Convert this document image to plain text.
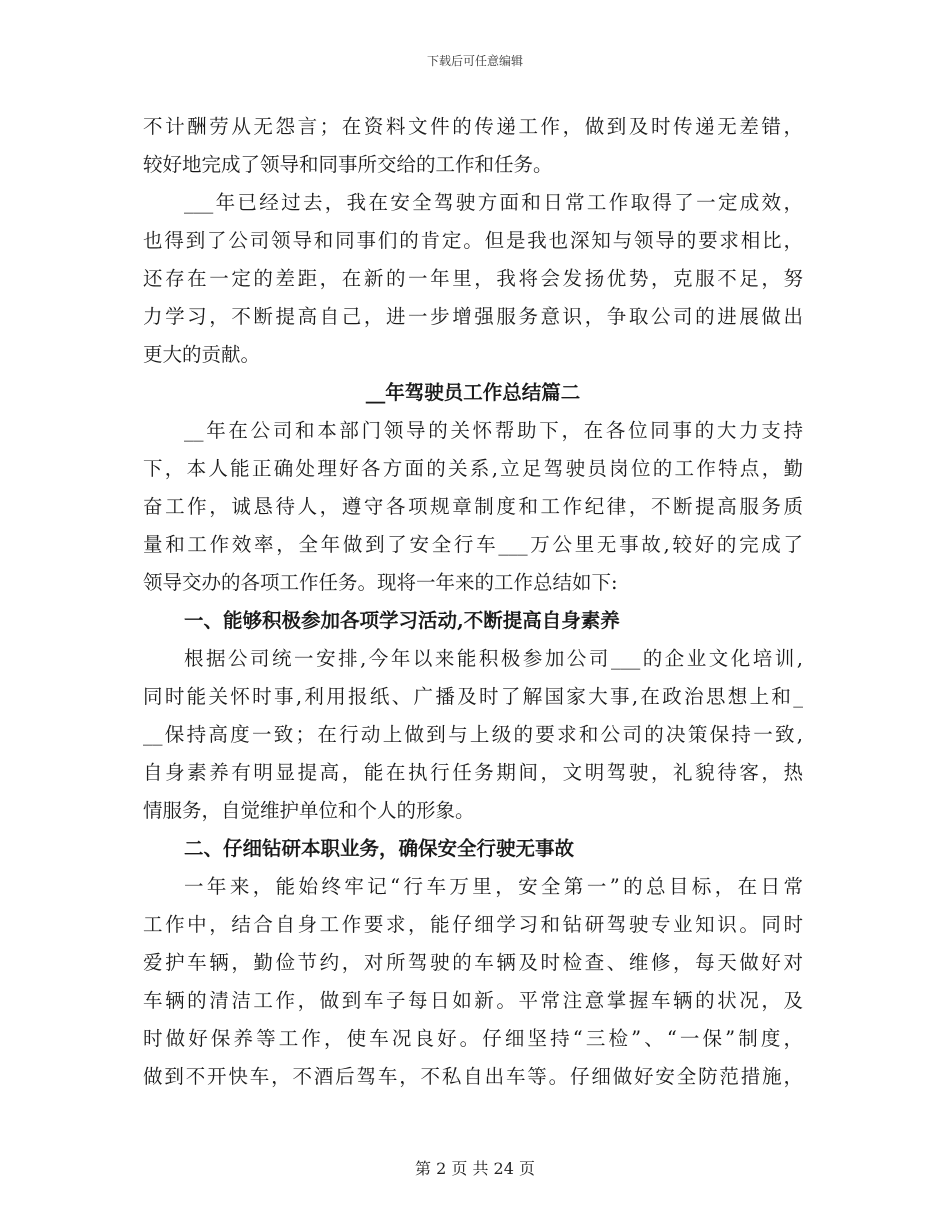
下载后可任意编辑
不计酬劳从无怨言；在资料文件的传递工作，做到及时传递无差错，
较好地完成了领导和同事所交给的工作和任务。
___年已经过去，我在安全驾驶方面和日常工作取得了一定成效，
也得到了公司领导和同事们的肯定。但是我也深知与领导的要求相比，
还存在一定的差距，在新的一年里，我将会发扬优势，克服不足，努
力学习，不断提高自己，进一步增强服务意识，争取公司的进展做出
更大的贡献。
__年驾驶员工作总结篇二
__年在公司和本部门领导的关怀帮助下，在各位同事的大力支持
下，本人能正确处理好各方面的关系,立足驾驶员岗位的工作特点，勤
奋工作，诚恳待人，遵守各项规章制度和工作纪律，不断提高服务质
量和工作效率，全年做到了安全行车___万公里无事故,较好的完成了
领导交办的各项工作任务。现将一年来的工作总结如下:
一、能够积极参加各项学习活动,不断提高自身素养
根据公司统一安排,今年以来能积极参加公司___的企业文化培训,
同时能关怀时事,利用报纸、广播及时了解国家大事,在政治思想上和_
__保持高度一致；在行动上做到与上级的要求和公司的决策保持一致,
自身素养有明显提高，能在执行任务期间，文明驾驶，礼貌待客，热
情服务，自觉维护单位和个人的形象。
二、仔细钻研本职业务，确保安全行驶无事故
一年来，能始终牢记“行车万里，安全第一”的总目标，在日常
工作中，结合自身工作要求，能仔细学习和钻研驾驶专业知识。同时
爱护车辆，勤俭节约，对所驾驶的车辆及时检查、维修，每天做好对
车辆的清洁工作，做到车子每日如新。平常注意掌握车辆的状况，及
时做好保养等工作，使车况良好。仔细坚持“三检”、“一保”制度，
做到不开快车，不酒后驾车，不私自出车等。仔细做好安全防范措施，
第 2 页 共 24 页
